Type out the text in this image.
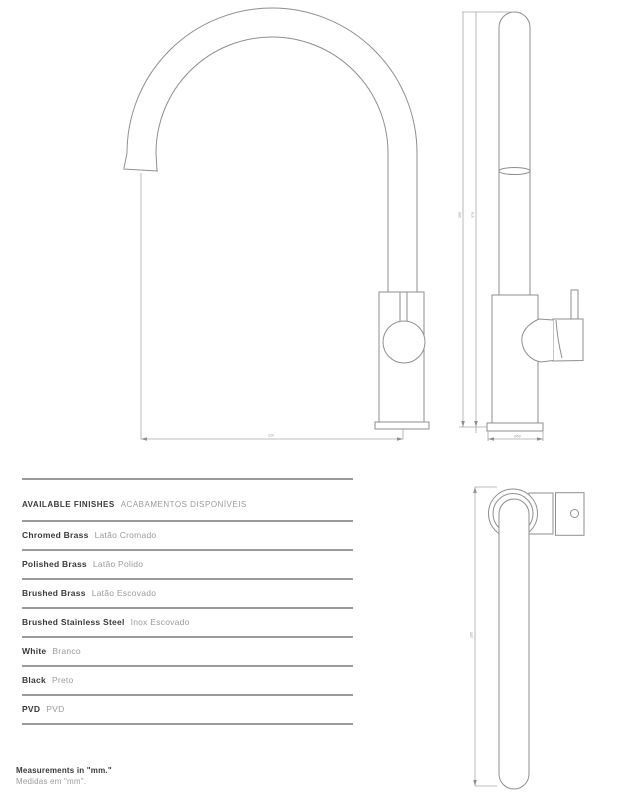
220
395	370
Ø50
285
AVAILABLE FINISHES ACABAMENTOS DISPONÍVEIS
Chromed Brass Latão Cromado
Polished Brass Latão Polido
Brushed Brass Latão Escovado
Brushed Stainless Steel Inox Escovado
White Branco
Black Preto
PVD PVD
Measurements in "mm."
Medidas em "mm".
